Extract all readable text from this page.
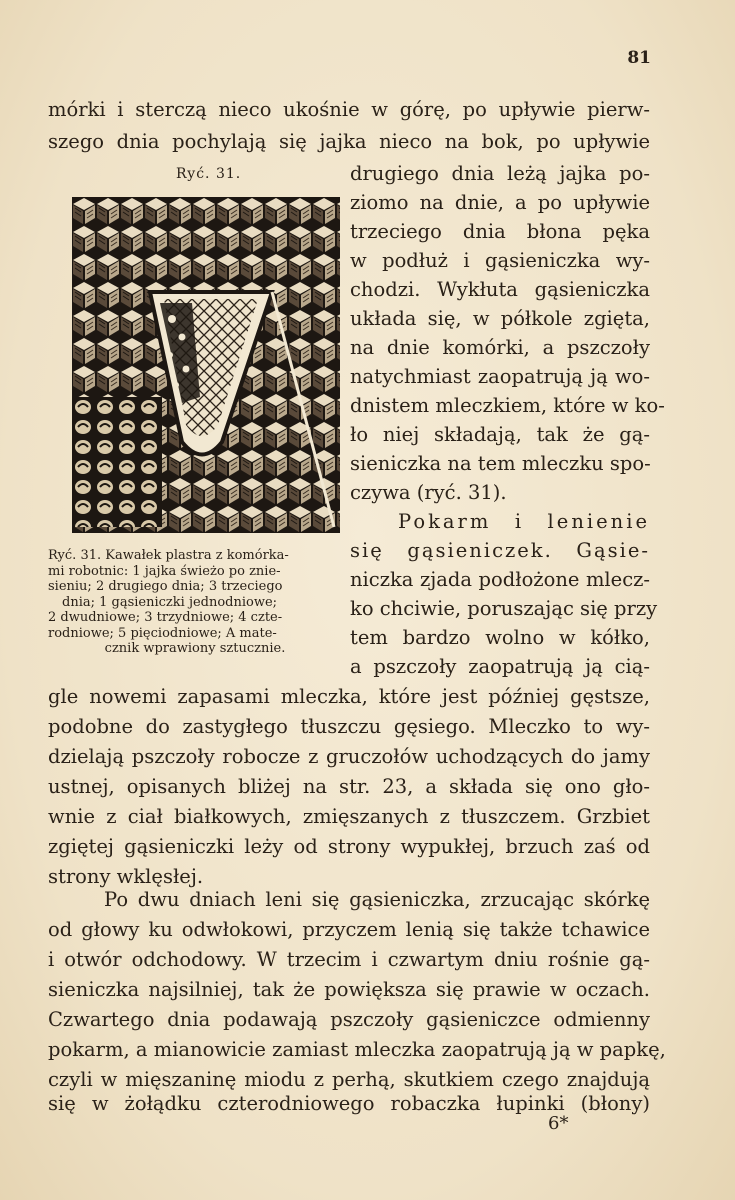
81
mórki i sterczą nieco ukośnie w górę, po upływie pierw-
szego dnia pochylają się jajka nieco na bok, po upływie
Ryć. 31.	drugiego dnia leżą jajka po-
ziomo na dnie, a po upływie
trzeciego dnia błona pęka
w podłuż i gąsieniczka wy-
chodzi. Wykłuta gąsieniczka
układa się, w półkole zgięta,
na dnie komórki, a pszczoły
natychmiast zaopatrują ją wo-
dnistem mleczkiem, które w ko-
ło niej składają, tak że gą-
sieniczka na tem mleczku spo-
czywa (ryć. 31).
Pokarm i lenienie
się gąsieniczek. Gąsie-
niczka zjada podłożone mlecz-
ko chciwie, poruszając się przy
tem bardzo wolno w kółko,
a pszczoły zaopatrują ją cią-
Ryć. 31. Kawałek plastra z komórka-
mi robotnic: 1 jajka świeżo po znie-
sieniu; 2 drugiego dnia; 3 trzeciego
dnia; 1 gąsieniczki jednodniowe;
2 dwudniowe; 3 trzydniowe; 4 czte-
rodniowe; 5 pięciodniowe; A mate-
cznik wprawiony sztucznie.
gle nowemi zapasami mleczka, które jest później gęstsze,
podobne do zastygłego tłuszczu gęsiego. Mleczko to wy-
dzielają pszczoły robocze z gruczołów uchodzących do jamy
ustnej, opisanych bliżej na str. 23, a składa się ono gło-
wnie z ciał białkowych, zmięszanych z tłuszczem. Grzbiet
zgiętej gąsieniczki leży od strony wypukłej, brzuch zaś od
strony wklęsłej.
Po dwu dniach leni się gąsieniczka, zrzucając skórkę
od głowy ku odwłokowi, przyczem lenią się także tchawice
i otwór odchodowy. W trzecim i czwartym dniu rośnie gą-
sieniczka najsilniej, tak że powiększa się prawie w oczach.
Czwartego dnia podawają pszczoły gąsieniczce odmienny
pokarm, a mianowicie zamiast mleczka zaopatrują ją w papkę,
czyli w mięszaninę miodu z perhą, skutkiem czego znajdują
się w żołądku czterodniowego robaczka łupinki (błony)
6*
